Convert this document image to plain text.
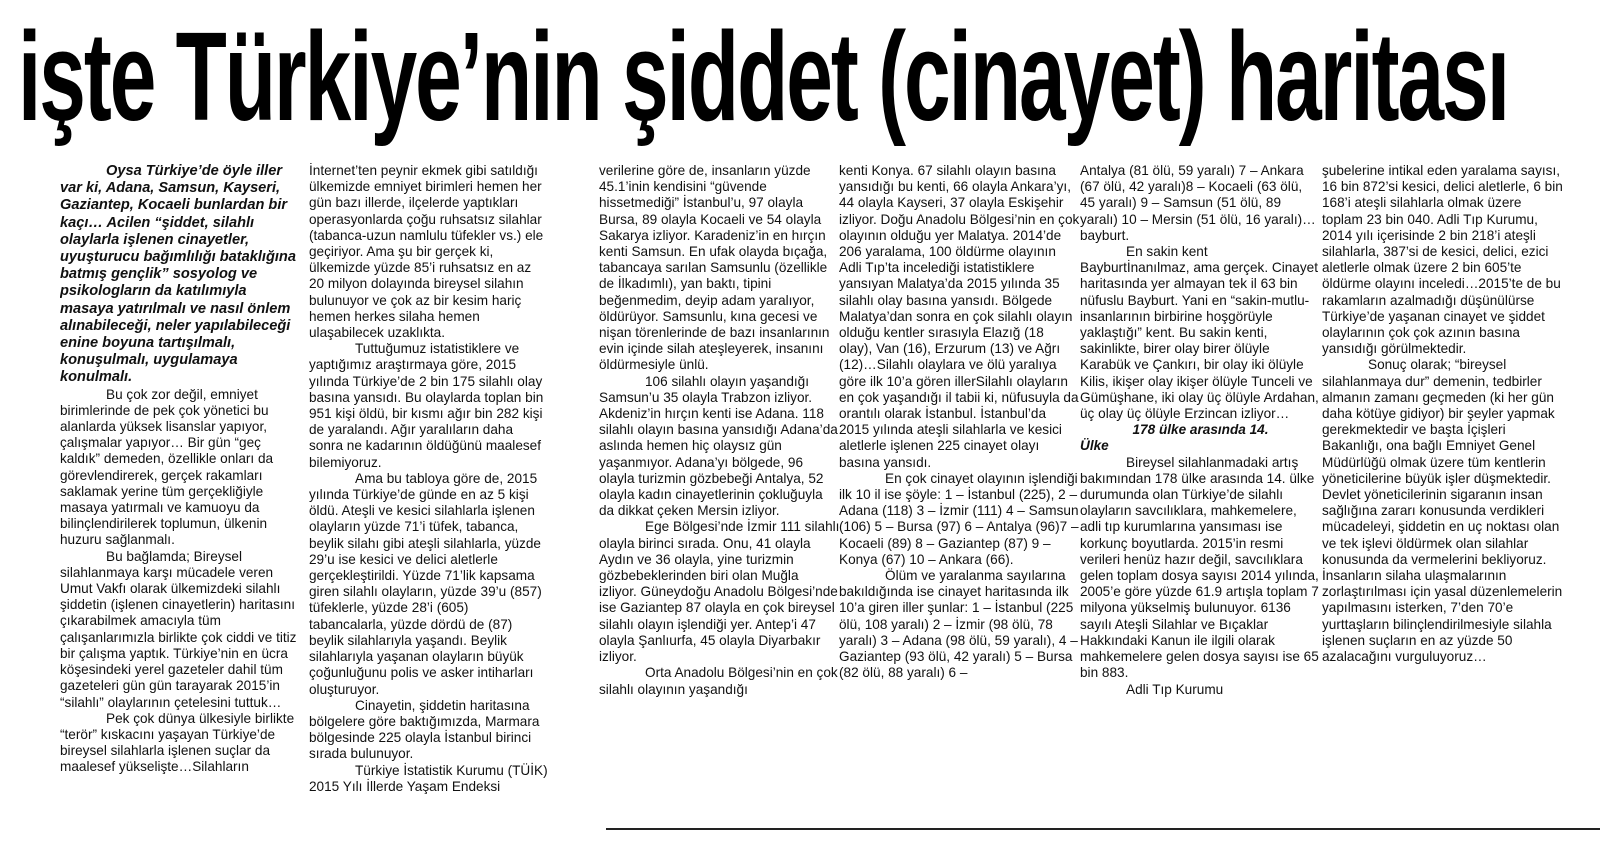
işte Türkiye’nin şiddet (cinayet) haritası

Oysa Türkiye’de öyle iller var ki, Adana, Samsun, Kayseri, Gaziantep, Kocaeli bunlardan bir kaçı… Acilen “şiddet, silahlı olaylarla işlenen cinayetler, uyuşturucu bağımlılığı bataklığına batmış gençlik” sosyolog ve psikologların da katılımıyla masaya yatırılmalı ve nasıl önlem alınabileceği, neler yapılabileceği enine boyuna tartışılmalı, konuşulmalı, uygulamaya konulmalı.

Bu çok zor değil, emniyet birimlerinde de pek çok yönetici bu alanlarda yüksek lisanslar yapıyor, çalışmalar yapıyor… Bir gün “geç kaldık” demeden, özellikle onları da görevlendirerek, gerçek rakamları saklamak yerine tüm gerçekliğiyle masaya yatırmalı ve kamuoyu da bilinçlendirilerek toplumun, ülkenin huzuru sağlanmalı.

Bu bağlamda; Bireysel silahlanmaya karşı mücadele veren Umut Vakfı olarak ülkemizdeki silahlı şiddetin (işlenen cinayetlerin) haritasını çıkarabilmek amacıyla tüm çalışanlarımızla birlikte çok ciddi ve titiz bir çalışma yaptık. Türkiye’nin en ücra köşesindeki yerel gazeteler dahil tüm gazeteleri gün gün tarayarak 2015’in “silahlı” olaylarının çetelesini tuttuk…

Pek çok dünya ülkesiyle birlikte “terör” kıskacını yaşayan Türkiye’de bireysel silahlarla işlenen suçlar da maalesef yükselişte…Silahların

İnternet’ten peynir ekmek gibi satıldığı ülkemizde emniyet birimleri hemen her gün bazı illerde, ilçelerde yaptıkları operasyonlarda çoğu ruhsatsız silahlar (tabanca-uzun namlulu tüfekler vs.) ele geçiriyor. Ama şu bir gerçek ki, ülkemizde yüzde 85’i ruhsatsız en az 20 milyon dolayında bireysel silahın bulunuyor ve çok az bir kesim hariç hemen herkes silaha hemen ulaşabilecek uzaklıkta.

Tuttuğumuz istatistiklere ve yaptığımız araştırmaya göre, 2015 yılında Türkiye’de 2 bin 175 silahlı olay basına yansıdı. Bu olaylarda toplan bin 951 kişi öldü, bir kısmı ağır bin 282 kişi de yaralandı. Ağır yaralıların daha sonra ne kadarının öldüğünü maalesef bilemiyoruz.

Ama bu tabloya göre de, 2015 yılında Türkiye’de günde en az 5 kişi öldü. Ateşli ve kesici silahlarla işlenen olayların yüzde 71’i tüfek, tabanca, beylik silahı gibi ateşli silahlarla, yüzde 29’u ise kesici ve delici aletlerle gerçekleştirildi. Yüzde 71’lik kapsama giren silahlı olayların, yüzde 39’u (857) tüfeklerle, yüzde 28’i (605) tabancalarla, yüzde dördü de (87) beylik silahlarıyla yaşandı. Beylik silahlarıyla yaşanan olayların büyük çoğunluğunu polis ve asker intiharları oluşturuyor.

Cinayetin, şiddetin haritasına bölgelere göre baktığımızda, Marmara bölgesinde 225 olayla İstanbul birinci sırada bulunuyor.

Türkiye İstatistik Kurumu (TÜİK) 2015 Yılı İllerde Yaşam Endeksi

verilerine göre de, insanların yüzde 45.1’inin kendisini “güvende hissetmediği” İstanbul’u, 97 olayla Bursa, 89 olayla Kocaeli ve 54 olayla Sakarya izliyor. Karadeniz’in en hırçın kenti Samsun. En ufak olayda bıçağa, tabancaya sarılan Samsunlu (özellikle de İlkadımlı), yan baktı, tipini beğenmedim, deyip adam yaralıyor, öldürüyor. Samsunlu, kına gecesi ve nişan törenlerinde de bazı insanlarının evin içinde silah ateşleyerek, insanını öldürmesiyle ünlü.

106 silahlı olayın yaşandığı Samsun’u 35 olayla Trabzon izliyor. Akdeniz’in hırçın kenti ise Adana. 118 silahlı olayın basına yansıdığı Adana’da aslında hemen hiç olaysız gün yaşanmıyor. Adana’yı bölgede, 96 olayla turizmin gözbebeği Antalya, 52 olayla kadın cinayetlerinin çokluğuyla da dikkat çeken Mersin izliyor.

Ege Bölgesi’nde İzmir 111 silahlı olayla birinci sırada. Onu, 41 olayla Aydın ve 36 olayla, yine turizmin gözbebeklerinden biri olan Muğla izliyor. Güneydoğu Anadolu Bölgesi’nde ise Gaziantep 87 olayla en çok bireysel silahlı olayın işlendiği yer. Antep’i 47 olayla Şanlıurfa, 45 olayla Diyarbakır izliyor.

Orta Anadolu Bölgesi’nin en çok silahlı olayının yaşandığı

kenti Konya. 67 silahlı olayın basına yansıdığı bu kenti, 66 olayla Ankara’yı, 44 olayla Kayseri, 37 olayla Eskişehir izliyor. Doğu Anadolu Bölgesi’nin en çok olayının olduğu yer Malatya. 2014’de 206 yaralama, 100 öldürme olayının Adli Tıp’ta incelediği istatistiklere yansıyan Malatya’da 2015 yılında 35 silahlı olay basına yansıdı. Bölgede Malatya’dan sonra en çok silahlı olayın olduğu kentler sırasıyla Elazığ (18 olay), Van (16), Erzurum (13) ve Ağrı (12)…Silahlı olaylara ve ölü yaralıya göre ilk 10’a gören illerSilahlı olayların en çok yaşandığı il tabii ki, nüfusuyla da orantılı olarak İstanbul. İstanbul’da 2015 yılında ateşli silahlarla ve kesici aletlerle işlenen 225 cinayet olayı basına yansıdı.

En çok cinayet olayının işlendiği ilk 10 il ise şöyle: 1 – İstanbul (225), 2 – Adana (118) 3 – İzmir (111) 4 – Samsun (106) 5 – Bursa (97) 6 – Antalya (96)7 – Kocaeli (89) 8 – Gaziantep (87) 9 – Konya (67) 10 – Ankara (66).

Ölüm ve yaralanma sayılarına bakıldığında ise cinayet haritasında ilk 10’a giren iller şunlar: 1 – İstanbul (225 ölü, 108 yaralı) 2 – İzmir (98 ölü, 78 yaralı) 3 – Adana (98 ölü, 59 yaralı), 4 – Gaziantep (93 ölü, 42 yaralı) 5 – Bursa (82 ölü, 88 yaralı) 6 –

Antalya (81 ölü, 59 yaralı) 7 – Ankara (67 ölü, 42 yaralı)8 – Kocaeli (63 ölü, 45 yaralı) 9 – Samsun (51 ölü, 89 yaralı) 10 – Mersin (51 ölü, 16 yaralı)…bayburt.

En sakin kent

Bayburtİnanılmaz, ama gerçek. Cinayet haritasında yer almayan tek il 63 bin nüfuslu Bayburt. Yani en “sakin-mutlu-insanlarının birbirine hoşgörüyle yaklaştığı” kent. Bu sakin kenti, sakinlikte, birer olay birer ölüyle Karabük ve Çankırı, bir olay iki ölüyle Kilis, ikişer olay ikişer ölüyle Tunceli ve Gümüşhane, iki olay üç ölüyle Ardahan, üç olay üç ölüyle Erzincan izliyor…

178 ülke arasında 14.

Ülke

Bireysel silahlanmadaki artış bakımından 178 ülke arasında 14. ülke durumunda olan Türkiye’de silahlı olayların savcılıklara, mahkemelere, adli tıp kurumlarına yansıması ise korkunç boyutlarda. 2015’in resmi verileri henüz hazır değil, savcılıklara gelen toplam dosya sayısı 2014 yılında, 2005’e göre yüzde 61.9 artışla toplam 7 milyona yükselmiş bulunuyor. 6136 sayılı Ateşli Silahlar ve Bıçaklar Hakkındaki Kanun ile ilgili olarak mahkemelere gelen dosya sayısı ise 65 bin 883.

Adli Tıp Kurumu

şubelerine intikal eden yaralama sayısı, 16 bin 872’si kesici, delici aletlerle, 6 bin 168’i ateşli silahlarla olmak üzere toplam 23 bin 040. Adli Tıp Kurumu, 2014 yılı içerisinde 2 bin 218’i ateşli silahlarla, 387’si de kesici, delici, ezici aletlerle olmak üzere 2 bin 605’te öldürme olayını inceledi…2015’te de bu rakamların azalmadığı düşünülürse Türkiye’de yaşanan cinayet ve şiddet olaylarının çok çok azının basına yansıdığı görülmektedir.

Sonuç olarak; “bireysel silahlanmaya dur” demenin, tedbirler almanın zamanı geçmeden (ki her gün daha kötüye gidiyor) bir şeyler yapmak gerekmektedir ve başta İçişleri Bakanlığı, ona bağlı Emniyet Genel Müdürlüğü olmak üzere tüm kentlerin yöneticilerine büyük işler düşmektedir. Devlet yöneticilerinin sigaranın insan sağlığına zararı konusunda verdikleri mücadeleyi, şiddetin en uç noktası olan ve tek işlevi öldürmek olan silahlar konusunda da vermelerini bekliyoruz. İnsanların silaha ulaşmalarının zorlaştırılması için yasal düzenlemelerin yapılmasını isterken, 7’den 70’e yurttaşların bilinçlendirilmesiyle silahla işlenen suçların en az yüzde 50 azalacağını vurguluyoruz…
